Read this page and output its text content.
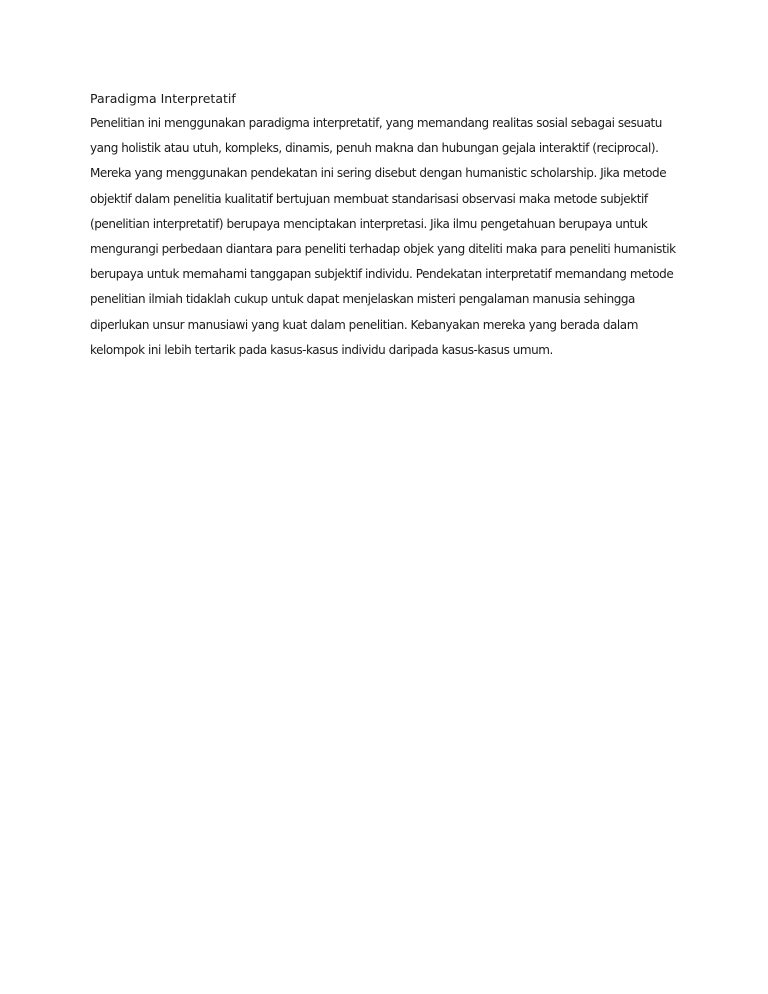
Paradigma Interpretatif
Penelitian ini menggunakan paradigma interpretatif, yang memandang realitas sosial sebagai sesuatu
yang holistik atau utuh, kompleks, dinamis, penuh makna dan hubungan gejala interaktif (reciprocal).
Mereka yang menggunakan pendekatan ini sering disebut dengan humanistic scholarship. Jika metode
objektif dalam penelitia kualitatif bertujuan membuat standarisasi observasi maka metode subjektif
(penelitian interpretatif) berupaya menciptakan interpretasi. Jika ilmu pengetahuan berupaya untuk
mengurangi perbedaan diantara para peneliti terhadap objek yang diteliti maka para peneliti humanistik
berupaya untuk memahami tanggapan subjektif individu. Pendekatan interpretatif memandang metode
penelitian ilmiah tidaklah cukup untuk dapat menjelaskan misteri pengalaman manusia sehingga
diperlukan unsur manusiawi yang kuat dalam penelitian. Kebanyakan mereka yang berada dalam
kelompok ini lebih tertarik pada kasus-kasus individu daripada kasus-kasus umum.
